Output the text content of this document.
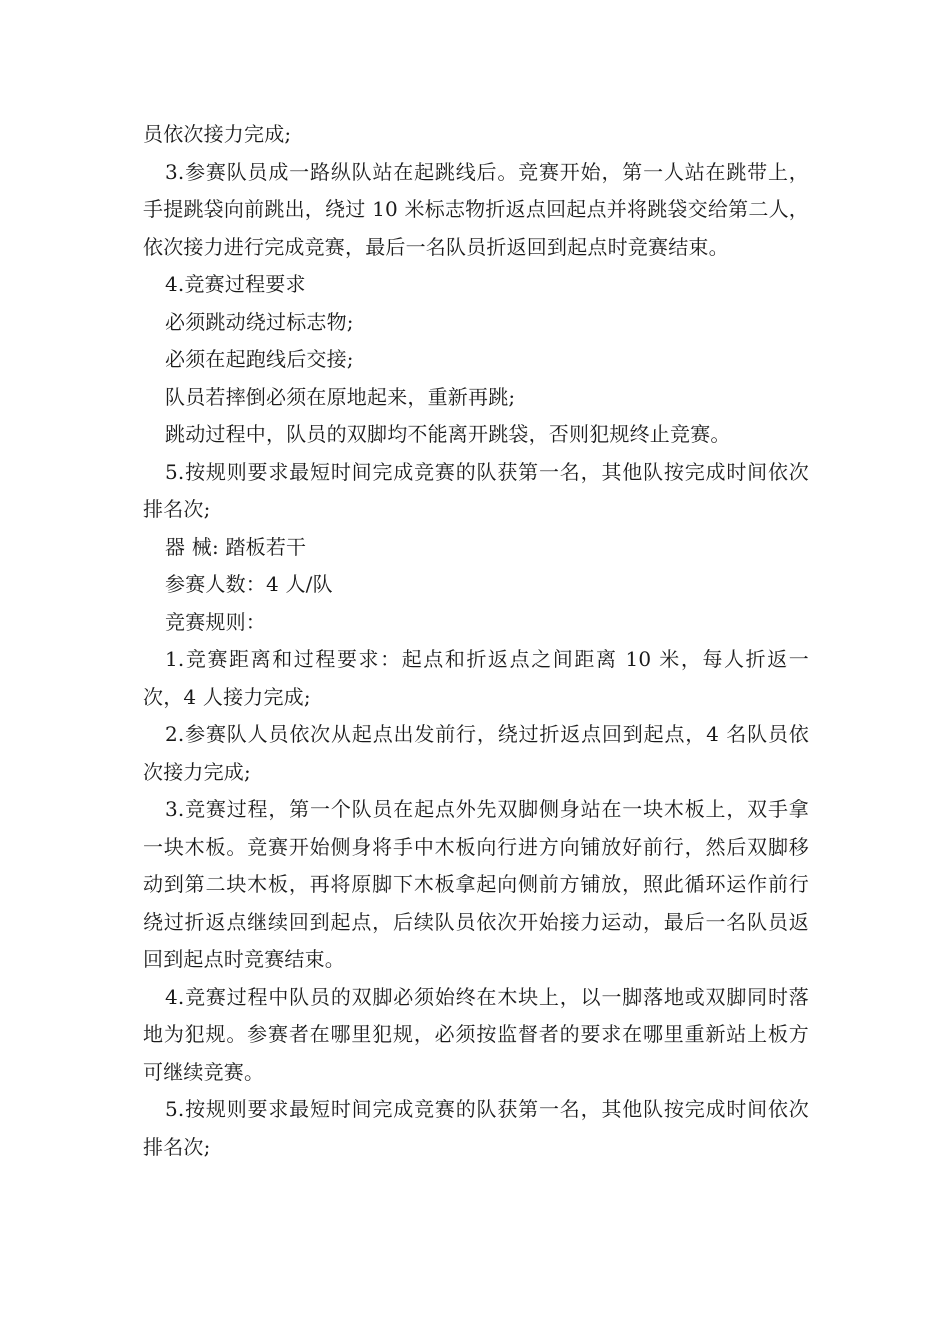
员依次接力完成;

3.参赛队员成一路纵队站在起跳线后。竞赛开始，第一人站在跳带上，手提跳袋向前跳出，绕过 10 米标志物折返点回起点并将跳袋交给第二人，依次接力进行完成竞赛，最后一名队员折返回到起点时竞赛结束。

4.竞赛过程要求

必须跳动绕过标志物;

必须在起跑线后交接;

队员若摔倒必须在原地起来，重新再跳;

跳动过程中，队员的双脚均不能离开跳袋，否则犯规终止竞赛。

5.按规则要求最短时间完成竞赛的队获第一名，其他队按完成时间依次排名次;

器 械: 踏板若干

参赛人数：4 人/队

竞赛规则：

1.竞赛距离和过程要求：起点和折返点之间距离 10 米，每人折返一次，4 人接力完成;

2.参赛队人员依次从起点出发前行，绕过折返点回到起点，4 名队员依次接力完成;

3.竞赛过程，第一个队员在起点外先双脚侧身站在一块木板上，双手拿一块木板。竞赛开始侧身将手中木板向行进方向铺放好前行，然后双脚移动到第二块木板，再将原脚下木板拿起向侧前方铺放，照此循环运作前行绕过折返点继续回到起点，后续队员依次开始接力运动，最后一名队员返回到起点时竞赛结束。

4.竞赛过程中队员的双脚必须始终在木块上，以一脚落地或双脚同时落地为犯规。参赛者在哪里犯规，必须按监督者的要求在哪里重新站上板方可继续竞赛。

5.按规则要求最短时间完成竞赛的队获第一名，其他队按完成时间依次排名次;
